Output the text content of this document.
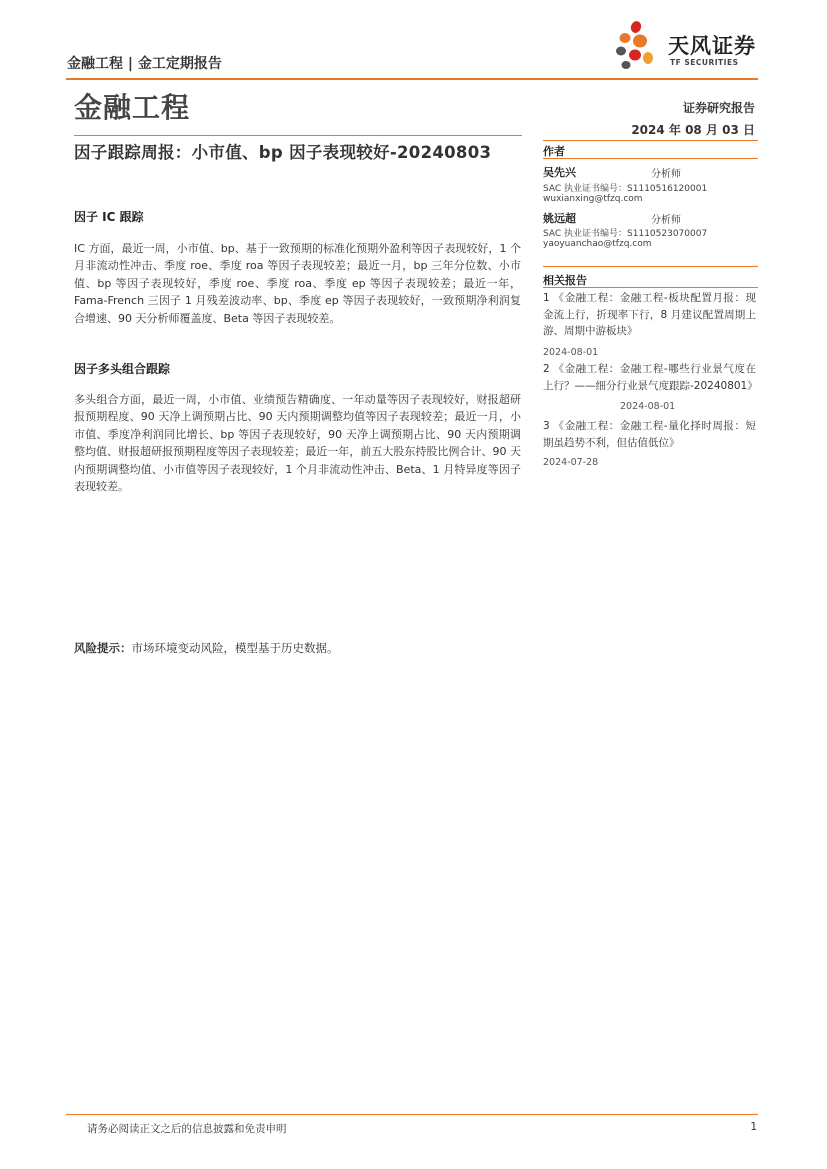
金融工程 | 金工定期报告
天风证券
TF SECURITIES
金融工程	证券研究报告
2024 年 08 月 03 日
因子跟踪周报：小市值、bp 因子表现较好-20240803
因子 IC 跟踪
IC 方面，最近一周，小市值、bp、基于一致预期的标准化预期外盈利等因子表现较好，1 个月非流动性冲击、季度 roe、季度 roa 等因子表现较差；最近一月，bp 三年分位数、小市值、bp 等因子表现较好，季度 roe、季度 roa、季度 ep 等因子表现较差；最近一年，Fama-French 三因子 1 月残差波动率、bp、季度 ep 等因子表现较好，一致预期净利润复合增速、90 天分析师覆盖度、Beta 等因子表现较差。
因子多头组合跟踪
多头组合方面，最近一周，小市值、业绩预告精确度、一年动量等因子表现较好，财报超研报预期程度、90 天净上调预期占比、90 天内预期调整均值等因子表现较差；最近一月，小市值、季度净利润同比增长、bp 等因子表现较好，90 天净上调预期占比、90 天内预期调整均值、财报超研报预期程度等因子表现较差；最近一年，前五大股东持股比例合计、90 天内预期调整均值、小市值等因子表现较好，1 个月非流动性冲击、Beta、1 月特异度等因子表现较差。
风险提示：市场环境变动风险，模型基于历史数据。
作者
吴先兴	分析师
SAC 执业证书编号：S1110516120001
wuxianxing@tfzq.com
姚远超	分析师
SAC 执业证书编号：S1110523070007
yaoyuanchao@tfzq.com
相关报告
1 《金融工程：金融工程-板块配置月报：现金流上行，折现率下行，8 月建议配置周期上游、周期中游板块》
2024-08-01
2 《金融工程：金融工程-哪些行业景气度在上行？——细分行业景气度跟踪-20240801》
2024-08-01
3 《金融工程：金融工程-量化择时周报：短期虽趋势不利，但估值低位》
2024-07-28
请务必阅读正文之后的信息披露和免责申明	1
